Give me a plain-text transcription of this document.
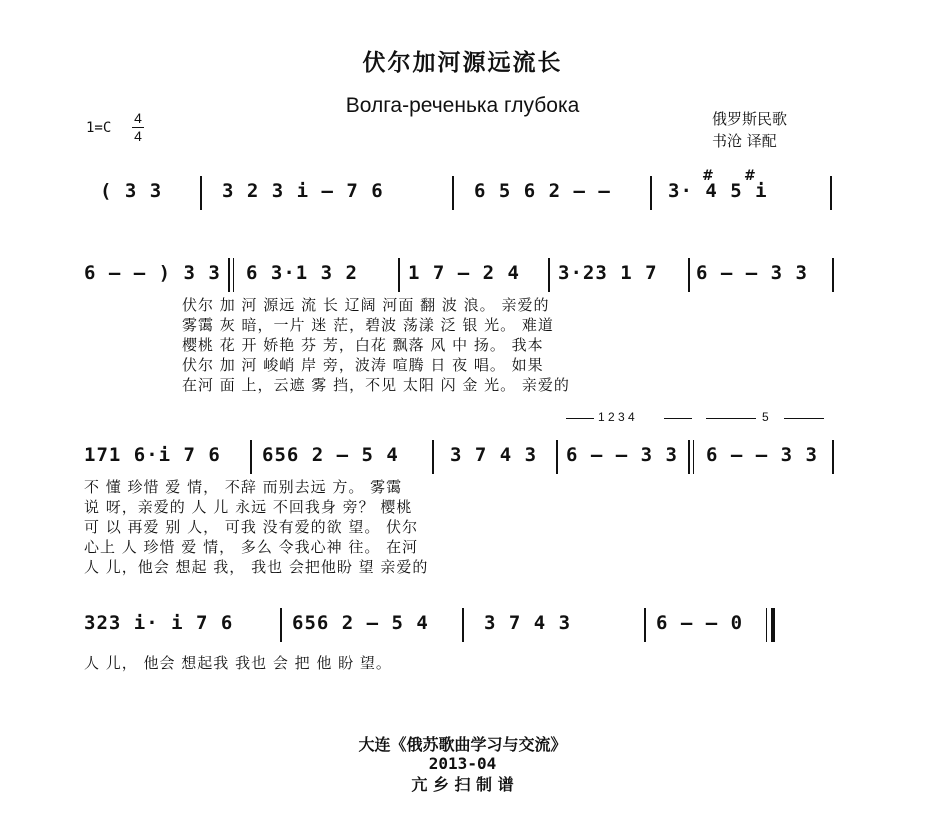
伏尔加河源远流长
Волга-реченька глубока
1=C
4
4
俄罗斯民歌
书沧 译配
( 3 3	3 2 3 i – 7 6	6 5 6 2 – –	3· 4 5 i
# #
6 – – ) 3 3 6 3·1 3 2	1 7 – 2 4 3·23 1 7 6 – – 3 3
伏尔 加 河 源远 流 长 辽阔 河面 翻 波 浪。 亲爱的
雾霭 灰 暗，一片 迷 茫，碧波 荡漾 泛 银 光。 难道
樱桃 花 开 娇艳 芬 芳，白花 飘落 风 中 扬。 我本
伏尔 加 河 峻峭 岸 旁，波涛 喧腾 日 夜 唱。 如果
在河 面 上，云遮 雾 挡，不见 太阳 闪 金 光。 亲爱的
1 2 3 4	5
171 6·i 7 6 656 2 – 5 4	3 7 4 3 6 – – 3 3 6 – – 3 3
不 懂 珍惜 爱 情， 不辞 而别去远 方。 雾霭
说 呀，亲爱的 人 儿 永远 不回我身 旁？ 樱桃
可 以 再爱 别 人， 可我 没有爱的欲 望。 伏尔
心上 人 珍惜 爱 情， 多么 令我心神 往。 在河
人 儿，他会 想起 我， 我也 会把他盼 望 亲爱的
323 i· i 7 6	656 2 – 5 4	3 7 4 3	6 – – 0
人 儿， 他会 想起我 我也 会 把 他 盼 望。
大连《俄苏歌曲学习与交流》
2013-04
亢 乡 扫 制 谱
